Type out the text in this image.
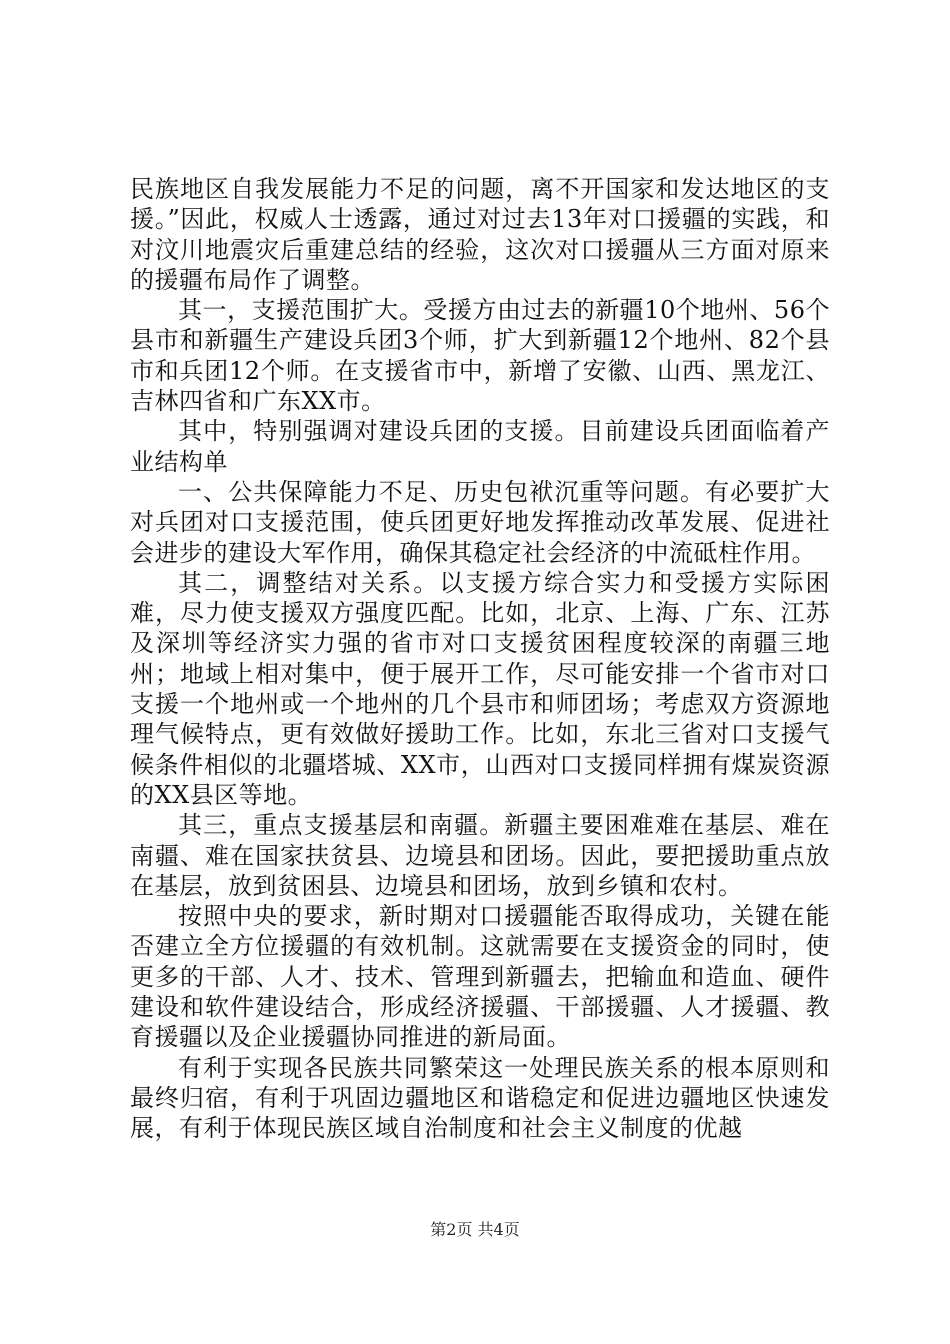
民族地区自我发展能力不足的问题，离不开国家和发达地区的支援。”因此，权威人士透露，通过对过去13年对口援疆的实践，和对汶川地震灾后重建总结的经验，这次对口援疆从三方面对原来的援疆布局作了调整。

其一，支援范围扩大。受援方由过去的新疆10个地州、56个县市和新疆生产建设兵团3个师，扩大到新疆12个地州、82个县市和兵团12个师。在支援省市中，新增了安徽、山西、黑龙江、吉林四省和广东XX市。

其中，特别强调对建设兵团的支援。目前建设兵团面临着产业结构单

一、公共保障能力不足、历史包袱沉重等问题。有必要扩大对兵团对口支援范围，使兵团更好地发挥推动改革发展、促进社会进步的建设大军作用，确保其稳定社会经济的中流砥柱作用。

其二，调整结对关系。以支援方综合实力和受援方实际困难，尽力使支援双方强度匹配。比如，北京、上海、广东、江苏及深圳等经济实力强的省市对口支援贫困程度较深的南疆三地州；地域上相对集中，便于展开工作，尽可能安排一个省市对口支援一个地州或一个地州的几个县市和师团场；考虑双方资源地理气候特点，更有效做好援助工作。比如，东北三省对口支援气候条件相似的北疆塔城、XX市，山西对口支援同样拥有煤炭资源的XX县区等地。

其三，重点支援基层和南疆。新疆主要困难难在基层、难在南疆、难在国家扶贫县、边境县和团场。因此，要把援助重点放在基层，放到贫困县、边境县和团场，放到乡镇和农村。

按照中央的要求，新时期对口援疆能否取得成功，关键在能否建立全方位援疆的有效机制。这就需要在支援资金的同时，使更多的干部、人才、技术、管理到新疆去，把输血和造血、硬件建设和软件建设结合，形成经济援疆、干部援疆、人才援疆、教育援疆以及企业援疆协同推进的新局面。

有利于实现各民族共同繁荣这一处理民族关系的根本原则和最终归宿，有利于巩固边疆地区和谐稳定和促进边疆地区快速发展，有利于体现民族区域自治制度和社会主义制度的优越

第2页 共4页
